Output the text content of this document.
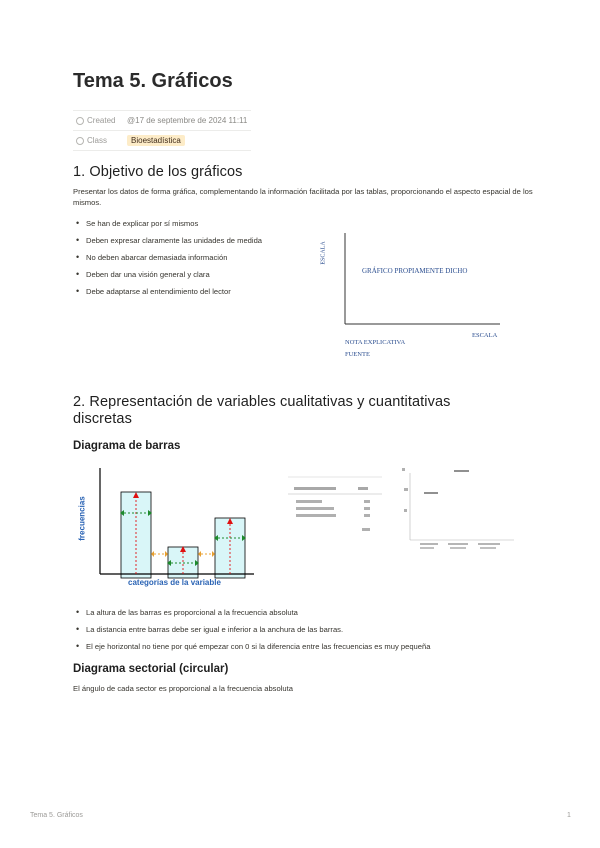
Tema 5. Gráficos
Created	@17 de septembre de 2024 11:11
Class	Bioestadística
1. Objetivo de los gráficos
Presentar los datos de forma gráfica, complementando la información facilitada por las tablas, proporcionando el aspecto espacial de los mismos.
• Se han de explicar por sí mismos
• Deben expresar claramente las unidades de medida
• No deben abarcar demasiada información
• Deben dar una visión general y clara
• Debe adaptarse al entendimiento del lector
ESCALA
GRÁFICO PROPIAMENTE DICHO
ESCALA
NOTA EXPLICATIVA
FUENTE
2. Representación de variables cualitativas y cuantitativas discretas
Diagrama de barras
frecuencias
categorías de la variable
• La altura de las barras es proporcional a la frecuencia absoluta
• La distancia entre barras debe ser igual e inferior a la anchura de las barras.
• El eje horizontal no tiene por qué empezar con 0 si la diferencia entre las frecuencias es muy pequeña
Diagrama sectorial (circular)
El ángulo de cada sector es proporcional a la frecuencia absoluta
Tema 5. Gráficos	1
